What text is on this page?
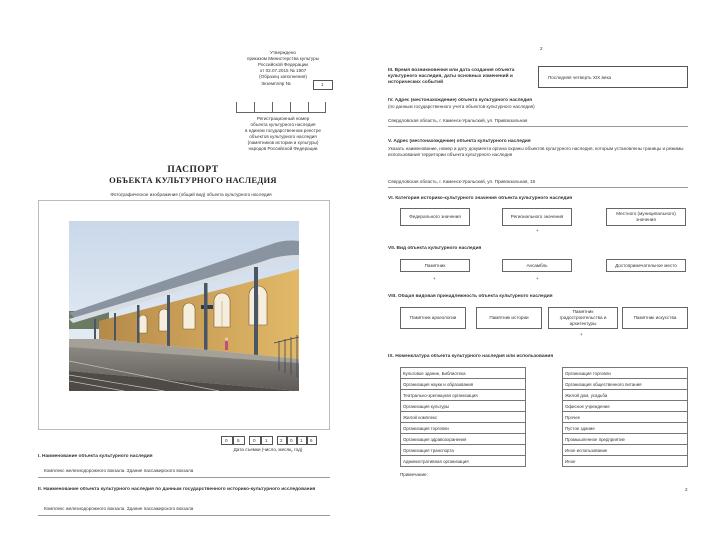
Утверждено
приказом Министерства культуры
Российской Федерации
от 02.07.2015 № 1907
(Образец заполнения)
Экземпляр №	1
Регистрационный номер
объекта культурного наследия
в едином государственном реестре
объектов культурного наследия
(памятников истории и культуры)
народов Российской Федерации
ПАСПОРТ
ОБЪЕКТА КУЛЬТУРНОГО НАСЛЕДИЯ
Фотографическое изображение (общий вид) объекта культурного наследия
0 5	0 1	2 0 1 6
Дата съемки (число, месяц, год)
I. Наименование объекта культурного наследия
Комплекс железнодорожного вокзала. Здание пассажирского вокзала
II. Наименование объекта культурного наследия по данным государственного историко-культурного исследования
Комплекс железнодорожного вокзала. Здание пассажирского вокзала
2
III. Время возникновения или дата создания объекта культурного наследия, даты основных изменений и исторических событий
Последняя четверть XIX века
IV. Адрес (местонахождение) объекта культурного наследия
(по данным государственного учета объектов культурного наследия)
Свердловская область, г. Каменск-Уральский, ул. Привокзальная
V. Адрес (местонахождение) объекта культурного наследия
Указать наименование, номер и дату документа органа охраны объектов культурного наследия, которым установлены границы и режимы использования территории объекта культурного наследия
Свердловская область, г. Каменск-Уральский, ул. Привокзальная, 18
VI. Категория историко-культурного значения объекта культурного наследия
Федерального значения	Регионального значения
Местного (муниципального) значения
+
VII. Вид объекта культурного наследия
Памятник	Ансамбль	Достопримечательное место
+	+
VIII. Общая видовая принадлежность объекта культурного наследия
Памятник археологии	Памятник истории
Памятник градостроительства и архитектуры
Памятник искусства
+
IX. Номенклатура объекта культурного наследия или использования
Культовое здание, Библиотека
Организация науки и образования
Театрально-зрелищная организация
Организация культуры
Жилой комплекс
Организация торговли
Организация здравоохранения
Организация транспорта
Административная организация
Организация торговли
Организация общественного питания
Жилой дом, усадьба
Офисное учреждение
Прочее
Пустое здание
Промышленное предприятие
Иное использование
Иное
Примечание:
2
